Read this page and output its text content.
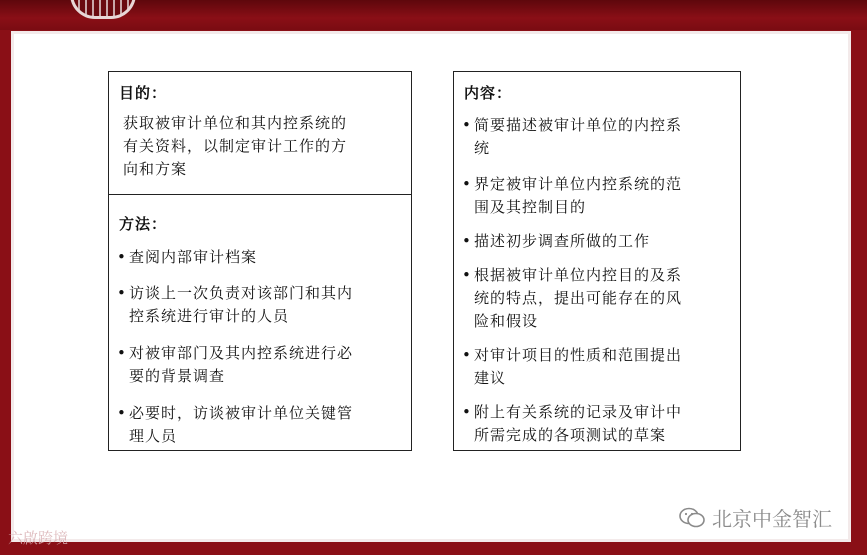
目的：
获取被审计单位和其内控系统的
有关资料，以制定审计工作的方
向和方案
方法：
• 查阅内部审计档案
• 访谈上一次负责对该部门和其内
控系统进行审计的人员
• 对被审部门及其内控系统进行必
要的背景调查
• 必要时，访谈被审计单位关键管
理人员
内容：
• 简要描述被审计单位的内控系
统
• 界定被审计单位内控系统的范
围及其控制目的
• 描述初步调查所做的工作
• 根据被审计单位内控目的及系
统的特点，提出可能存在的风
险和假设
• 对审计项目的性质和范围提出
建议
• 附上有关系统的记录及审计中
所需完成的各项测试的草案
北京中金智汇
六啟跨境
